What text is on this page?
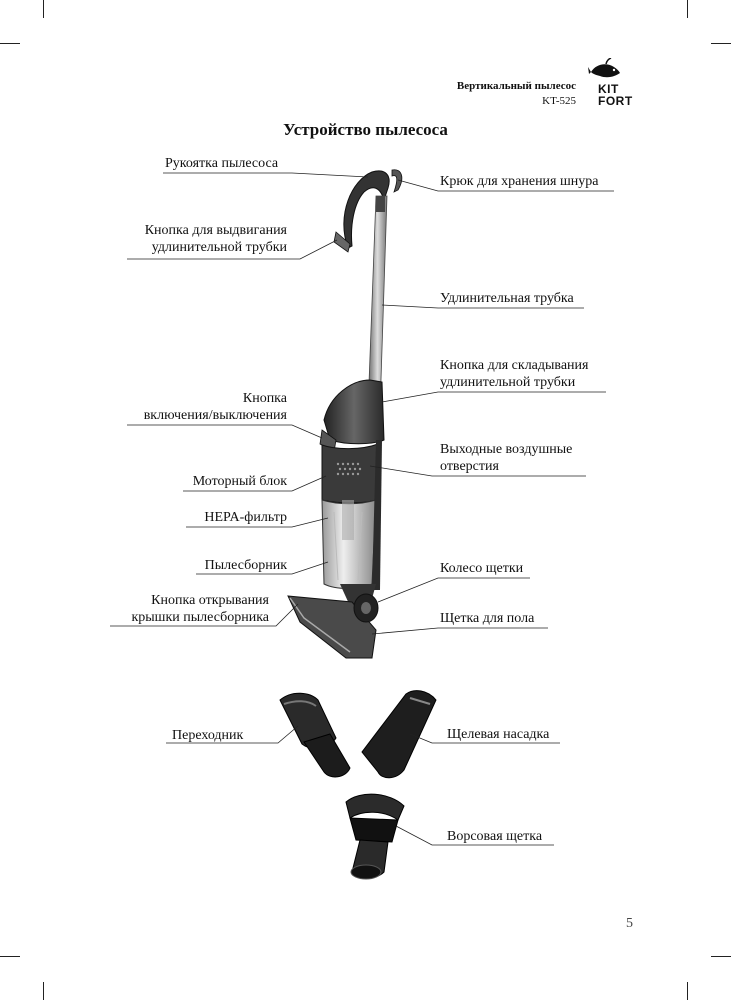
Вертикальный пылесос
KT-525
KIT
FORT
Устройство пылесоса
Рукоятка пылесоса
Крюк для хранения шнура
Кнопка для выдвигания
удлинительной трубки
Удлинительная трубка
Кнопка для складывания
удлинительной трубки
Кнопка
включения/выключения
Выходные воздушные
отверстия
Моторный блок
HEPA-фильтр
Пылесборник	Колесо щетки
Кнопка открывания
крышки пылесборника	Щетка для пола
Переходник	Щелевая насадка
Ворсовая щетка
5
